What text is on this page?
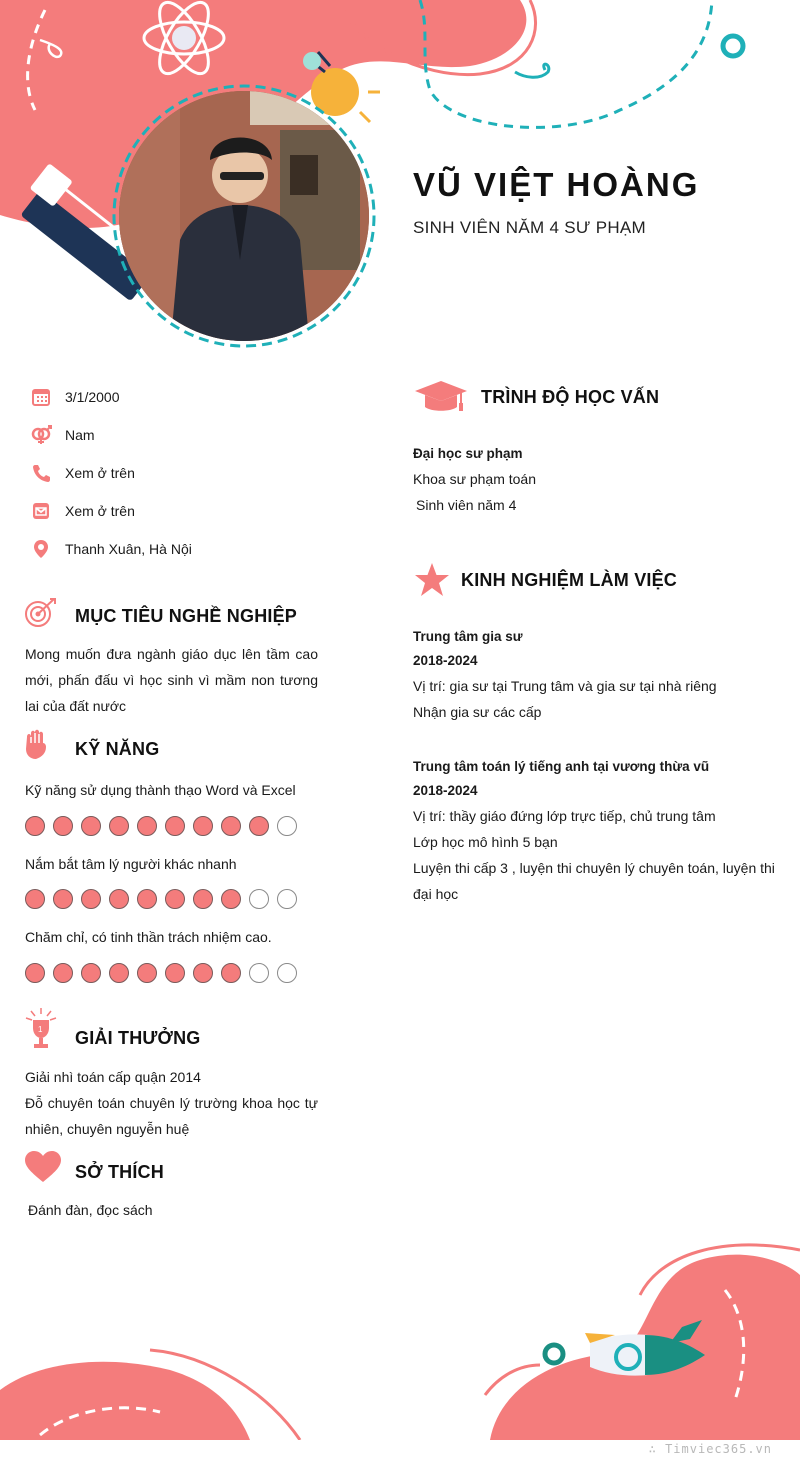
VŨ VIỆT HOÀNG
SINH VIÊN NĂM 4 SƯ PHẠM
3/1/2000
Nam
Xem ở trên
Xem ở trên
Thanh Xuân, Hà Nội
MỤC TIÊU NGHỀ NGHIỆP
Mong muốn đưa ngành giáo dục lên tầm cao mới, phấn đấu vì học sinh vì mầm non tương lai của đất nước
KỸ NĂNG
Kỹ năng sử dụng thành thạo Word và Excel
Nắm bắt tâm lý người khác nhanh
Chăm chỉ, có tinh thần trách nhiệm cao.
1 GIẢI THƯỞNG
Giải nhì toán cấp quận 2014
Đỗ chuyên toán chuyên lý trường khoa học tự nhiên, chuyên nguyễn huệ
SỞ THÍCH
Đánh đàn, đọc sách
TRÌNH ĐỘ HỌC VẤN
Đại học sư phạm
Khoa sư phạm toán
Sinh viên năm 4
KINH NGHIỆM LÀM VIỆC
Trung tâm gia sư
2018-2024
Vị trí: gia sư tại Trung tâm và gia sư tại nhà riêng
Nhận gia sư các cấp
Trung tâm toán lý tiếng anh tại vương thừa vũ
2018-2024
Vị trí: thầy giáo đứng lớp trực tiếp, chủ trung tâm
Lớp học mô hình 5 bạn
Luyện thi cấp 3 , luyện thi chuyên lý chuyên toán, luyện thi đại học
∴ Timviec365.vn
